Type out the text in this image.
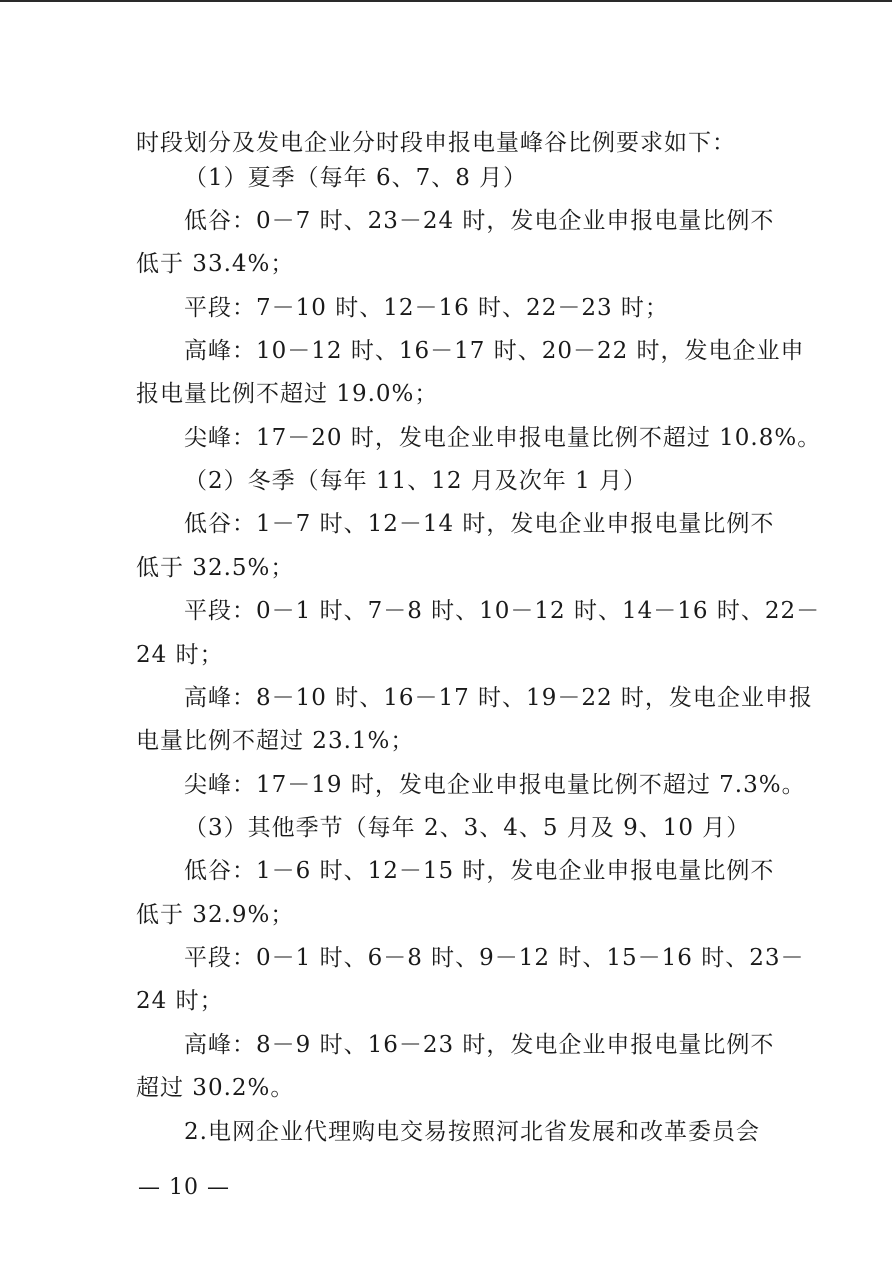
时段划分及发电企业分时段申报电量峰谷比例要求如下：
（1）夏季（每年 6、7、8 月）
低谷：0－7 时、23－24 时，发电企业申报电量比例不
低于 33.4%；
平段：7－10 时、12－16 时、22－23 时；
高峰：10－12 时、16－17 时、20－22 时，发电企业申
报电量比例不超过 19.0%；
尖峰：17－20 时，发电企业申报电量比例不超过 10.8%。
（2）冬季（每年 11、12 月及次年 1 月）
低谷：1－7 时、12－14 时，发电企业申报电量比例不
低于 32.5%；
平段：0－1 时、7－8 时、10－12 时、14－16 时、22－
24 时；
高峰：8－10 时、16－17 时、19－22 时，发电企业申报
电量比例不超过 23.1%；
尖峰：17－19 时，发电企业申报电量比例不超过 7.3%。
（3）其他季节（每年 2、3、4、5 月及 9、10 月）
低谷：1－6 时、12－15 时，发电企业申报电量比例不
低于 32.9%；
平段：0－1 时、6－8 时、9－12 时、15－16 时、23－
24 时；
高峰：8－9 时、16－23 时，发电企业申报电量比例不
超过 30.2%。
2.电网企业代理购电交易按照河北省发展和改革委员会
— 10 —
